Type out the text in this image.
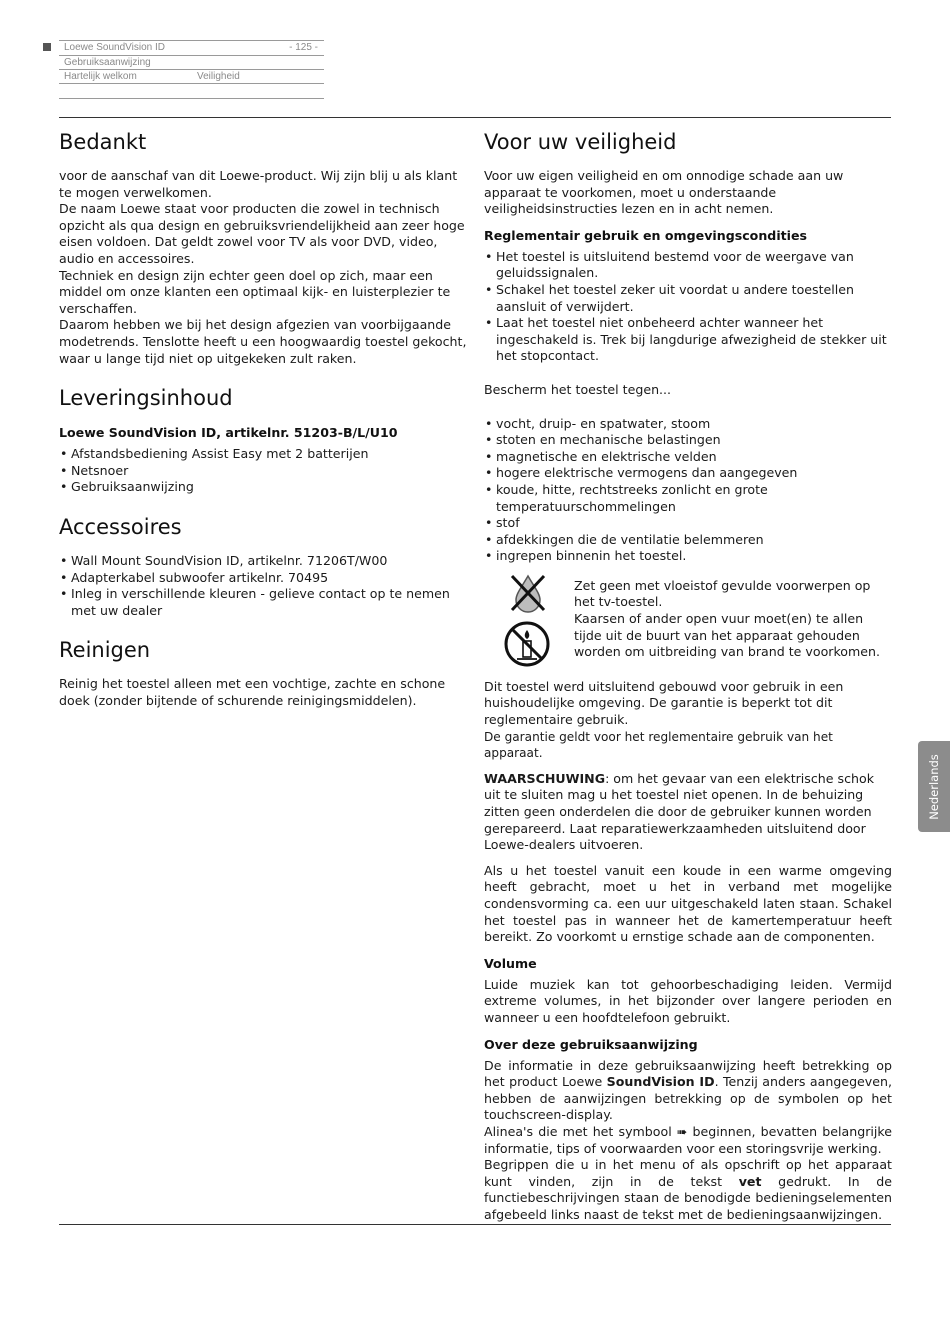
Loewe SoundVision ID	- 125 -
Gebruiksaanwijzing
Hartelijk welkom	Veiligheid
Bedankt

voor de aanschaf van dit Loewe-product. Wij zijn blij u als klant te mogen verwelkomen.

De naam Loewe staat voor producten die zowel in technisch opzicht als qua design en gebruiksvriendelijkheid aan zeer hoge eisen voldoen. Dat geldt zowel voor TV als voor DVD, video, audio en accessoires.

Techniek en design zijn echter geen doel op zich, maar een middel om onze klanten een optimaal kijk- en luisterplezier te verschaffen.

Daarom hebben we bij het design afgezien van voorbijgaande modetrends. Tenslotte heeft u een hoogwaardig toestel gekocht, waar u lange tijd niet op uitgekeken zult raken.

Leveringsinhoud
Loewe SoundVision ID, artikelnr. 51203-B/L/U10
• Afstandsbediening Assist Easy met 2 batterijen
• Netsnoer
• Gebruiksaanwijzing
Accessoires
• Wall Mount SoundVision ID, artikelnr. 71206T/W00
• Adapterkabel subwoofer artikelnr. 70495
• Inleg in verschillende kleuren - gelieve contact op te nemen met uw dealer
Reinigen

Reinig het toestel alleen met een vochtige, zachte en schone doek (zonder bijtende of schurende reinigingsmiddelen).

Voor uw veiligheid

Voor uw eigen veiligheid en om onnodige schade aan uw apparaat te voorkomen, moet u onderstaande veiligheidsinstructies lezen en in acht nemen.

Reglementair gebruik en omgevingscondities
• Het toestel is uitsluitend bestemd voor de weergave van geluidssignalen.
• Schakel het toestel zeker uit voordat u andere toestellen aansluit of verwijdert.
• Laat het toestel niet onbeheerd achter wanneer het ingeschakeld is. Trek bij langdurige afwezigheid de stekker uit het stopcontact.

Bescherm het toestel tegen...

• vocht, druip- en spatwater, stoom
• stoten en mechanische belastingen
• magnetische en elektrische velden
• hogere elektrische vermogens dan aangegeven
• koude, hitte, rechtstreeks zonlicht en grote temperatuurschommelingen
• stof
• afdekkingen die de ventilatie belemmeren
• ingrepen binnenin het toestel.

Zet geen met vloeistof gevulde voorwerpen op het tv-toestel.

Kaarsen of ander open vuur moet(en) te allen tijde uit de buurt van het apparaat gehouden worden om uitbreiding van brand te voorkomen.

Dit toestel werd uitsluitend gebouwd voor gebruik in een huishoudelijke omgeving. De garantie is beperkt tot dit reglementaire gebruik.

De garantie geldt voor het reglementaire gebruik van het apparaat.

WAARSCHUWING: om het gevaar van een elektrische schok uit te sluiten mag u het toestel niet openen. In de behuizing zitten geen onderdelen die door de gebruiker kunnen worden gerepareerd. Laat reparatiewerkzaamheden uitsluitend door Loewe-dealers uitvoeren.

Als u het toestel vanuit een koude in een warme omgeving heeft gebracht, moet u het in verband met mogelijke condensvorming ca. een uur uitgeschakeld laten staan. Schakel het toestel pas in wanneer het de kamertemperatuur heeft bereikt. Zo voorkomt u ernstige schade aan de componenten.

Volume

Luide muziek kan tot gehoorbeschadiging leiden. Vermijd extreme volumes, in het bijzonder over langere perioden en wanneer u een hoofdtelefoon gebruikt.

Over deze gebruiksaanwijzing

De informatie in deze gebruiksaanwijzing heeft betrekking op het product Loewe SoundVision ID. Tenzij anders aangegeven, hebben de aanwijzingen betrekking op de symbolen op het touchscreen-display.

Alinea's die met het symbool ➠ beginnen, bevatten belangrijke informatie, tips of voorwaarden voor een storingsvrije werking.

Begrippen die u in het menu of als opschrift op het apparaat kunt vinden, zijn in de tekst vet gedrukt. In de functiebeschrijvingen staan de benodigde bedieningselementen afgebeeld links naast de tekst met de bedieningsaanwijzingen.

Nederlands
